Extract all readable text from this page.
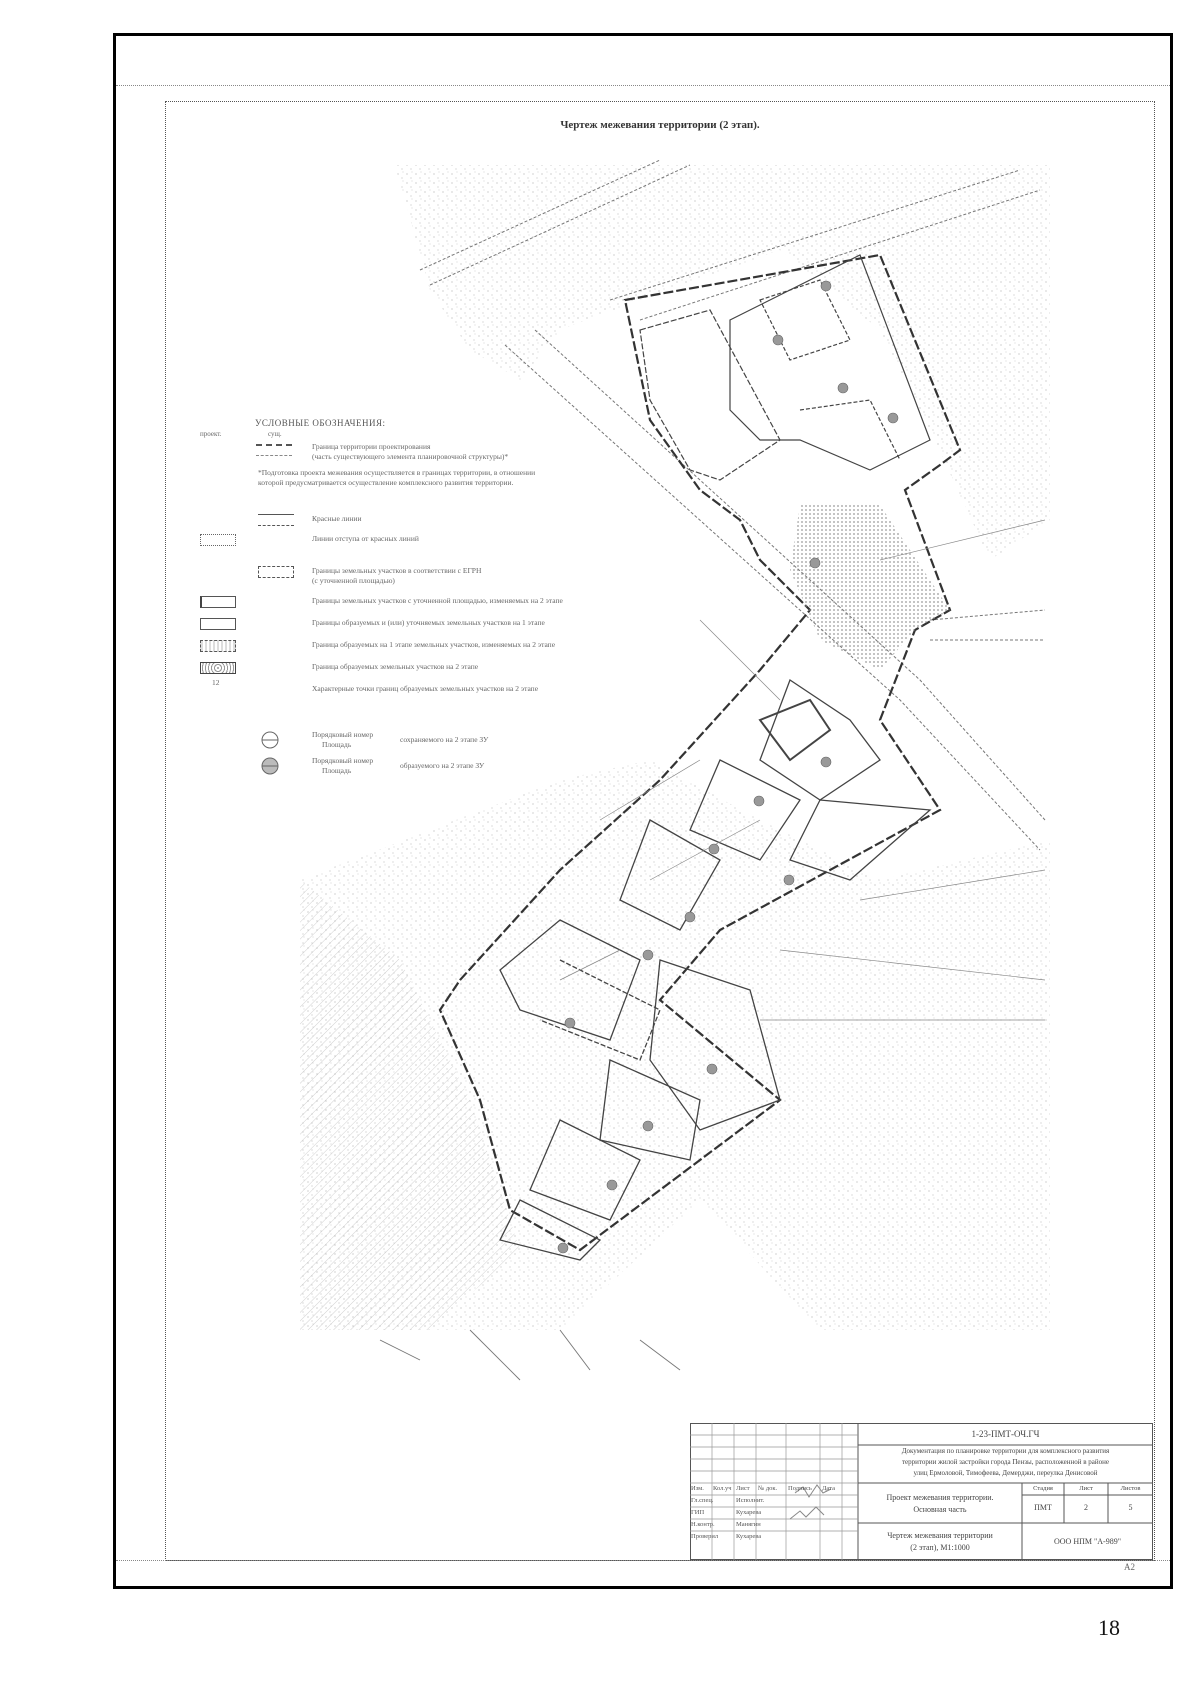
Чертеж межевания территории (2 этап).
УСЛОВНЫЕ ОБОЗНАЧЕНИЯ:
проект.	сущ.
Граница территории проектирования
(часть существующего элемента планировочной структуры)*
*Подготовка проекта межевания осуществляется в границах территории, в отношении
которой предусматривается осуществление комплексного развития территории.
Красные линии
Линии отступа от красных линий
Границы земельных участков в соответствии с ЕГРН
(с уточненной площадью)
Границы земельных участков с уточненной площадью, изменяемых на 2 этапе
Границы образуемых и (или) уточняемых земельных участков на 1 этапе
Граница образуемых на 1 этапе земельных участков, изменяемых на 2 этапе
Граница образуемых земельных участков на 2 этапе
12
Характерные точки границ образуемых земельных участков на 2 этапе
Порядковый номер
Площадь
сохраняемого на 2 этапе ЗУ
Порядковый номер
Площадь
образуемого на 2 этапе ЗУ
1-23-ПМТ-ОЧ.ГЧ
Документация по планировке территории для комплексного развития
территории жилой застройки города Пензы, расположенной в районе
улиц Ермоловой, Тимофеева, Демерджи, переулка Денисовой
Изм. Кол.уч Лист № док. Подпись Дата
Гл.спец.	Исполнит.
ГИП	Кухарева
Н.контр.	Манягин
Проверил	Кухарева
Проект межевания территории.
Основная часть
Стадия	Лист	Листов
ПМТ	2	5
Чертеж межевания территории
(2 этап), М1:1000
ООО НПМ "А-989"
А2
18
